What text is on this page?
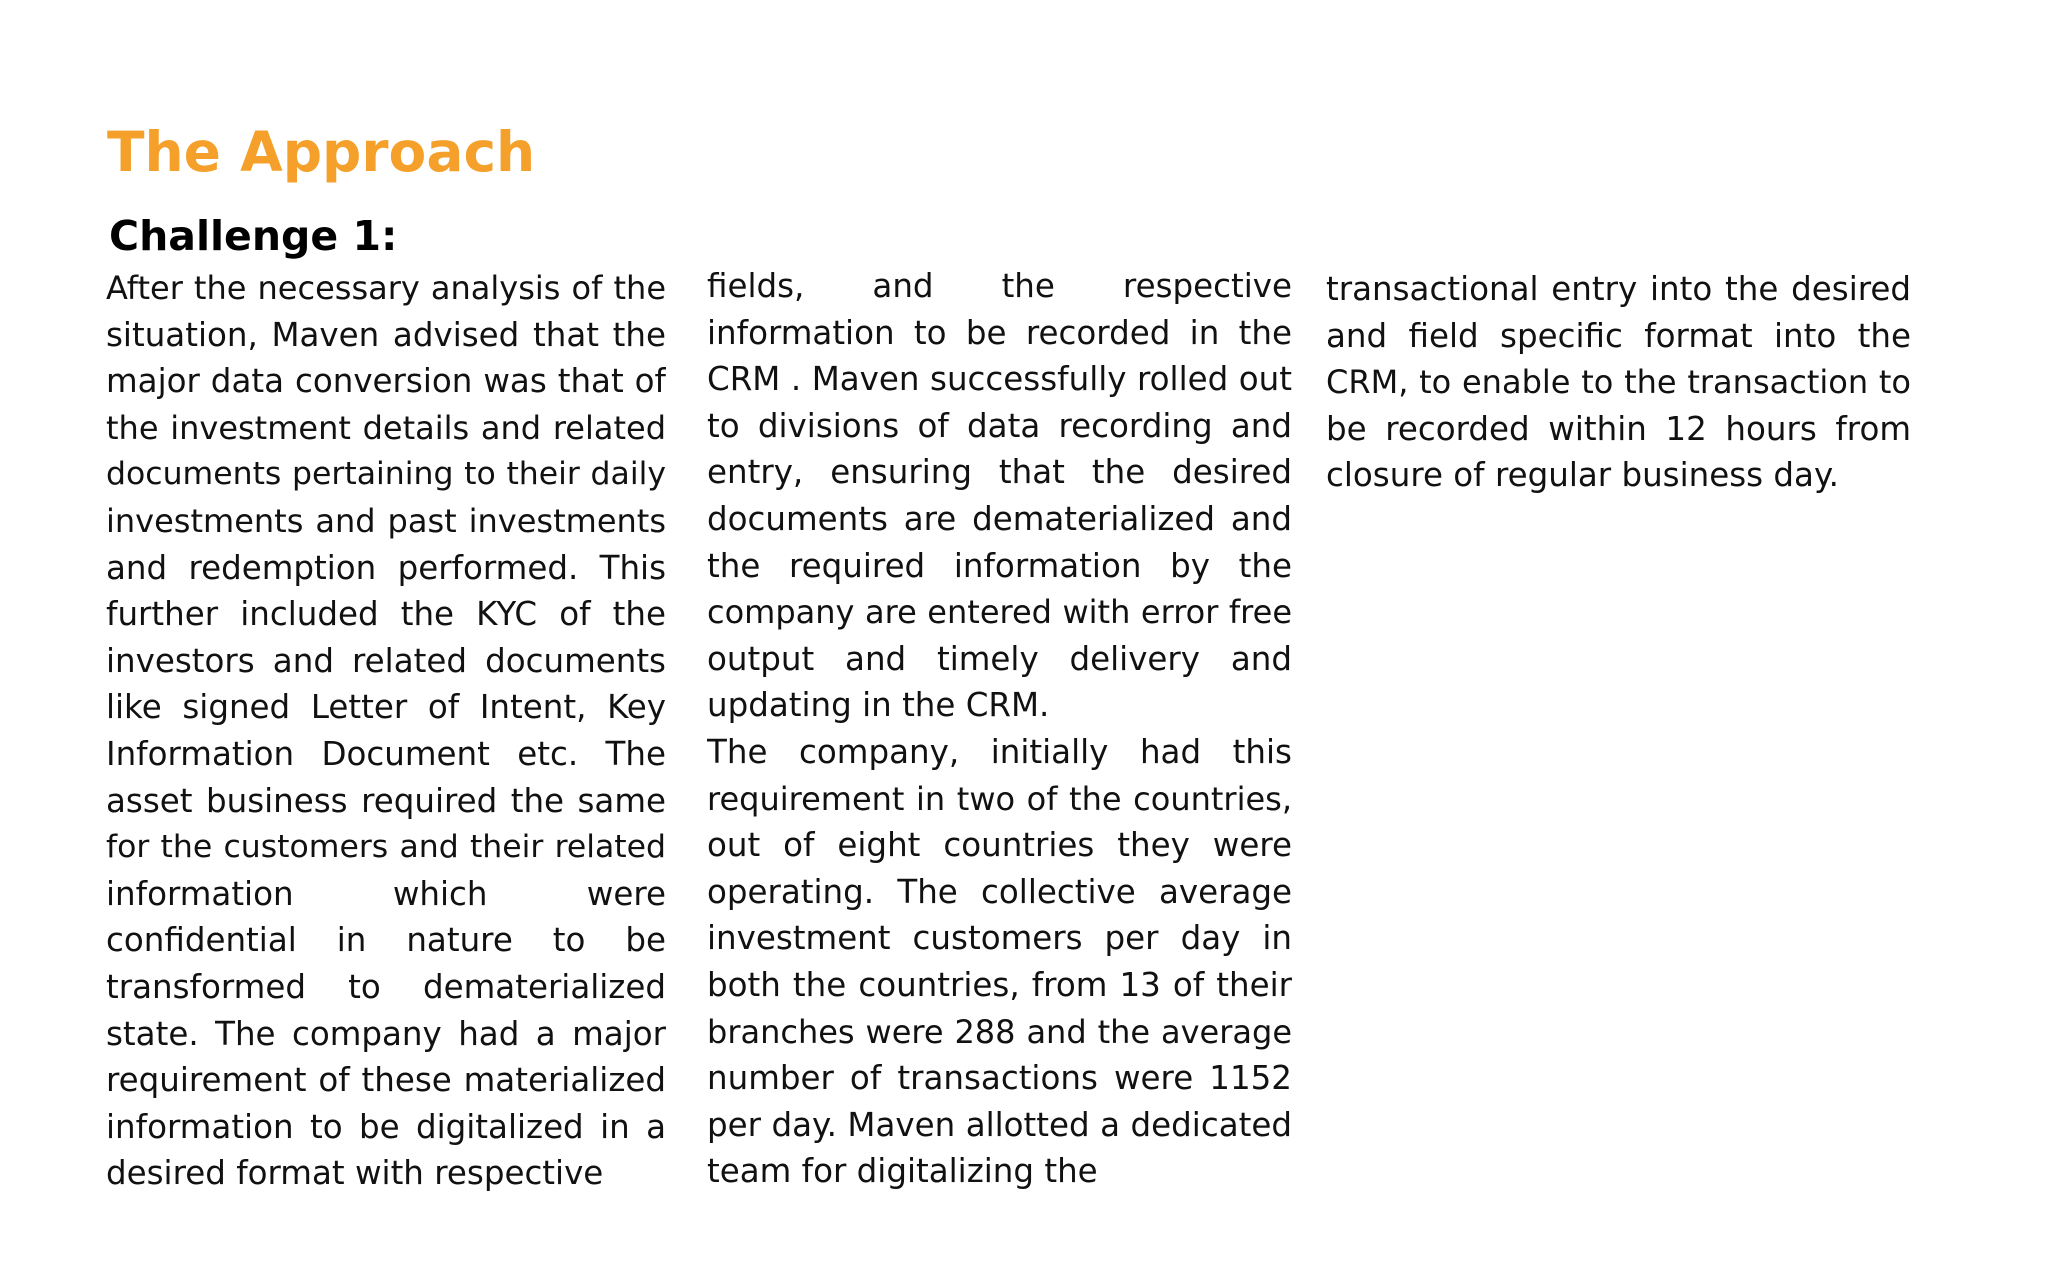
The Approach
Challenge 1:
After the necessary analysis of the
situation, Maven advised that the
major data conversion was that of
the investment details and related
documents pertaining to their daily
investments and past investments
and redemption performed. This
further included the KYC of the
investors and related documents
like signed Letter of Intent, Key
Information Document etc. The
asset business required the same
for the customers and their related
information which were
confidential in nature to be
transformed to dematerialized
state. The company had a major
requirement of these materialized
information to be digitalized in a
desired format with respective
fields, and the respective
information to be recorded in the
CRM . Maven successfully rolled out
to divisions of data recording and
entry, ensuring that the desired
documents are dematerialized and
the required information by the
company are entered with error free
output and timely delivery and
updating in the CRM.
The company, initially had this
requirement in two of the countries,
out of eight countries they were
operating. The collective average
investment customers per day in
both the countries, from 13 of their
branches were 288 and the average
number of transactions were 1152
per day. Maven allotted a dedicated
team for digitalizing the
transactional entry into the desired
and field specific format into the
CRM, to enable to the transaction to
be recorded within 12 hours from
closure of regular business day.
